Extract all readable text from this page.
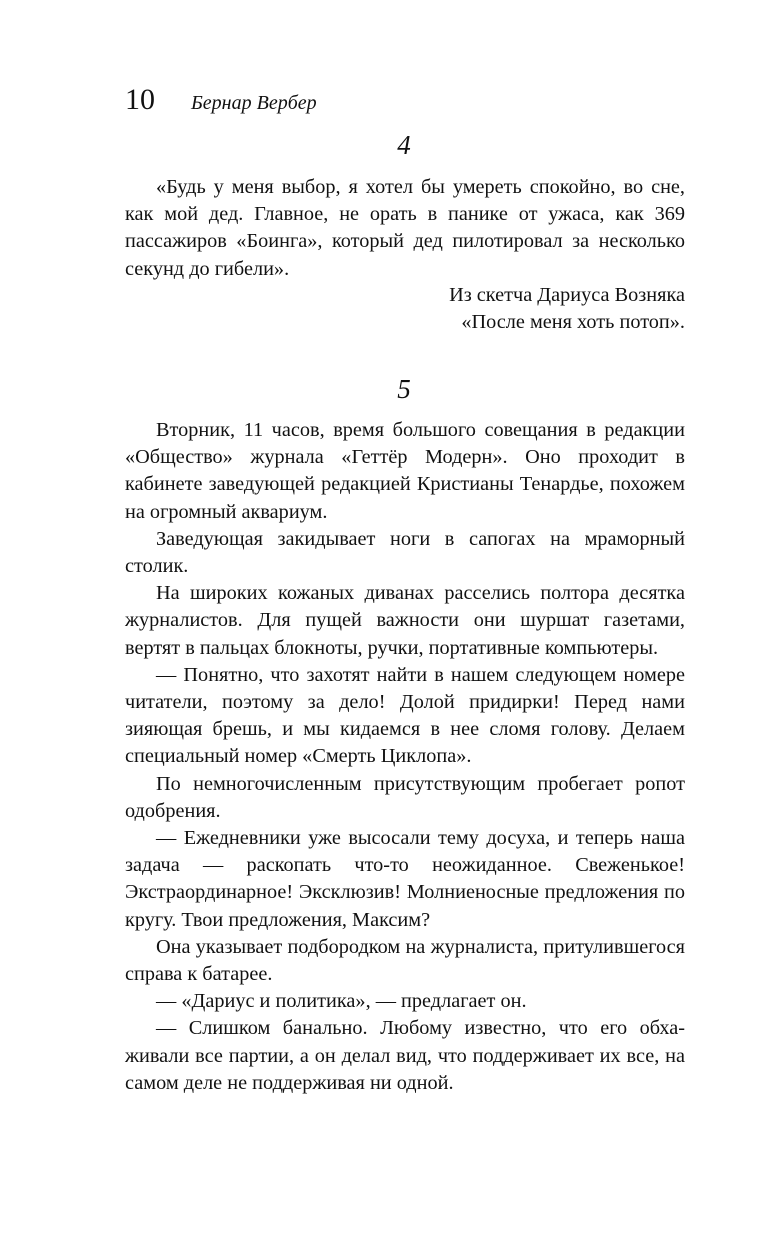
10 Бернар Вербер
4

«Будь у меня выбор, я хотел бы умереть спокойно, во сне, как мой дед. Главное, не орать в панике от ужаса, как 369 пассажиров «Боинга», который дед пилотировал за несколько секунд до гибели».

Из скетча Дариуса Возняка
«После меня хоть потоп».
5

Вторник, 11 часов, время большого совещания в редакции «Общество» журнала «Геттёр Модерн». Оно проходит в кабинете заведующей редакцией Кристианы Тенардье, похожем на огромный аквариум.

Заведующая закидывает ноги в сапогах на мраморный столик.

На широких кожаных диванах расселись полтора десятка журналистов. Для пущей важности они шуршат газетами, вертят в пальцах блокноты, ручки, портативные компьютеры.

— Понятно, что захотят найти в нашем следующем номере читатели, поэтому за дело! Долой придирки! Перед нами зияющая брешь, и мы кидаемся в нее сломя голову. Делаем специальный номер «Смерть Циклопа».

По немногочисленным присутствующим пробегает ропот одобрения.

— Ежедневники уже высосали тему досуха, и теперь наша задача — раскопать что-то неожиданное. Свеженькое! Экстраординарное! Эксклюзив! Молниеносные предложения по кругу. Твои предложения, Максим?

Она указывает подбородком на журналиста, притулившегося справа к батарее.

— «Дариус и политика», — предлагает он.

— Слишком банально. Любому известно, что его обхаживали все партии, а он делал вид, что поддерживает их все, на самом деле не поддерживая ни одной.
